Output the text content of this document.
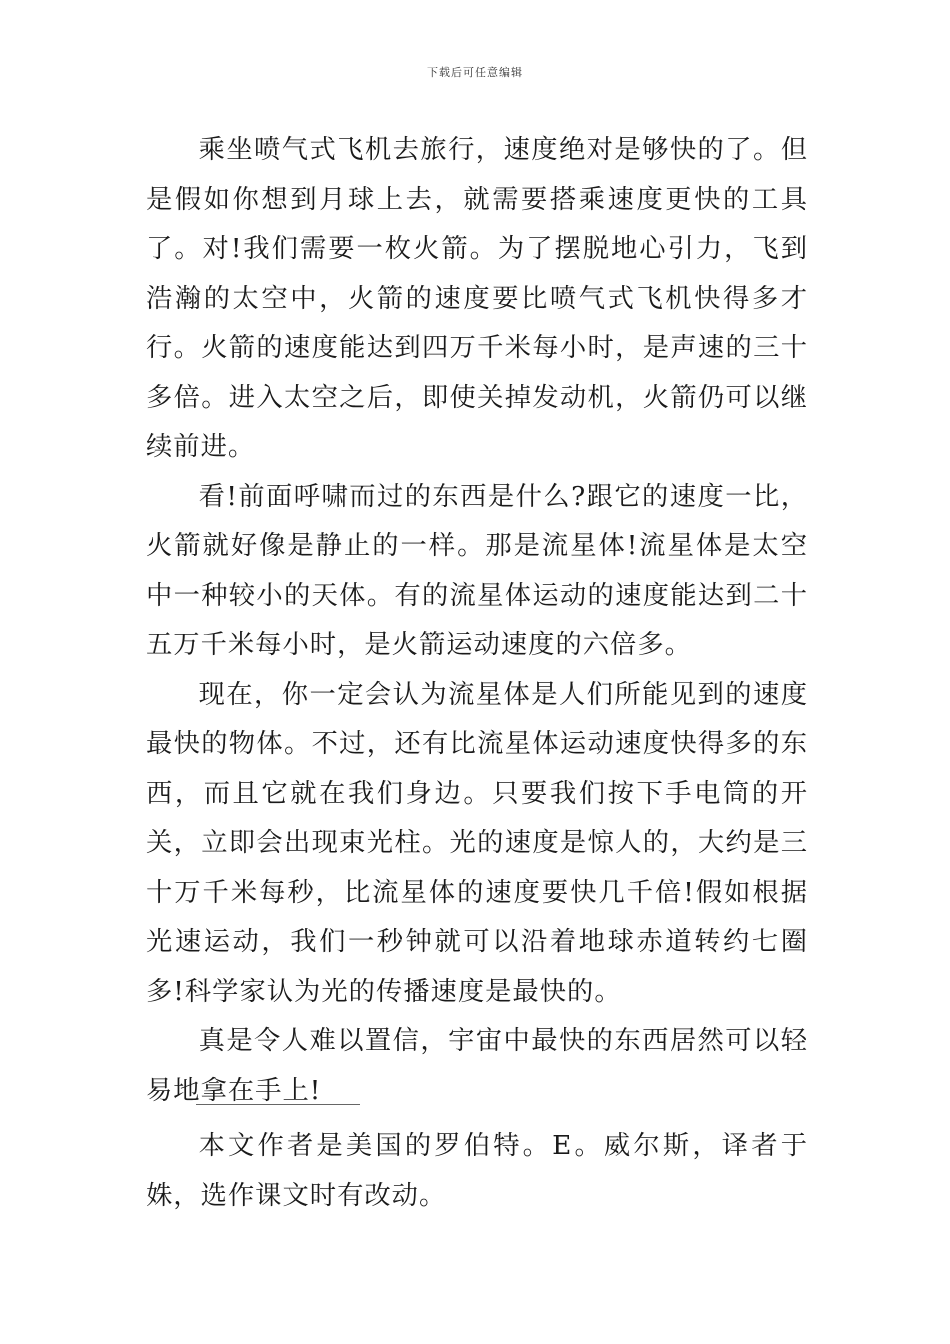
下载后可任意编辑

乘坐喷气式飞机去旅行，速度绝对是够快的了。但是假如你想到月球上去，就需要搭乘速度更快的工具了。对!我们需要一枚火箭。为了摆脱地心引力，飞到浩瀚的太空中，火箭的速度要比喷气式飞机快得多才行。火箭的速度能达到四万千米每小时，是声速的三十多倍。进入太空之后，即使关掉发动机，火箭仍可以继续前进。

看!前面呼啸而过的东西是什么?跟它的速度一比，火箭就好像是静止的一样。那是流星体!流星体是太空中一种较小的天体。有的流星体运动的速度能达到二十五万千米每小时，是火箭运动速度的六倍多。

现在，你一定会认为流星体是人们所能见到的速度最快的物体。不过，还有比流星体运动速度快得多的东西，而且它就在我们身边。只要我们按下手电筒的开关，立即会出现束光柱。光的速度是惊人的，大约是三十万千米每秒，比流星体的速度要快几千倍!假如根据光速运动，我们一秒钟就可以沿着地球赤道转约七圈多!科学家认为光的传播速度是最快的。

真是令人难以置信，宇宙中最快的东西居然可以轻易地拿在手上!

本文作者是美国的罗伯特。E。威尔斯，译者于姝，选作课文时有改动。
